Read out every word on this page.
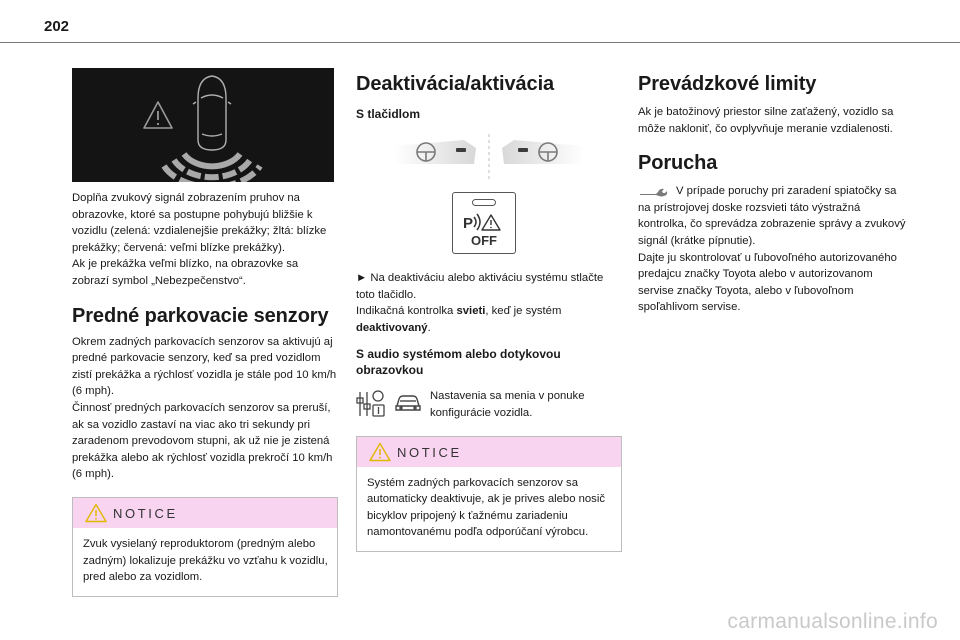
202
Doplňa zvukový signál zobrazením pruhov na obrazovke, ktoré sa postupne pohybujú bližšie k vozidlu (zelená: vzdialenejšie prekážky; žltá: blízke prekážky; červená: veľmi blízke prekážky).
Ak je prekážka veľmi blízko, na obrazovke sa zobrazí symbol „Nebezpečenstvo“.
Predné parkovacie senzory
Okrem zadných parkovacích senzorov sa aktivujú aj predné parkovacie senzory, keď sa pred vozidlom zistí prekážka a rýchlosť vozidla je stále pod 10 km/h (6 mph).
Činnosť predných parkovacích senzorov sa preruší, ak sa vozidlo zastaví na viac ako tri sekundy pri zaradenom prevodovom stupni, ak už nie je zistená prekážka alebo ak rýchlosť vozidla prekročí 10 km/h (6 mph).
NOTICE
Zvuk vysielaný reproduktorom (predným alebo zadným) lokalizuje prekážku vo vzťahu k vozidlu, pred alebo za vozidlom.
Deaktivácia/aktivácia
S tlačidlom
P
OFF
► Na deaktiváciu alebo aktiváciu systému stlačte toto tlačidlo.
Indikačná kontrolka svieti, keď je systém deaktivovaný.
S audio systémom alebo dotykovou obrazovkou
Nastavenia sa menia v ponuke konfigurácie vozidla.
NOTICE
Systém zadných parkovacích senzorov sa automaticky deaktivuje, ak je prives alebo nosič bicyklov pripojený k ťažnému zariadeniu namontovanému podľa odporúčaní výrobcu.
Prevádzkové limity
Ak je batožinový priestor silne zaťažený, vozidlo sa môže nakloniť, čo ovplyvňuje meranie vzdialenosti.
Porucha
V prípade poruchy pri zaradení spiatočky sa na prístrojovej doske rozsvieti táto výstražná kontrolka, čo sprevádza zobrazenie správy a zvukový signál (krátke pípnutie).
Dajte ju skontrolovať u ľubovoľného autorizovaného predajcu značky Toyota alebo v autorizovanom servise značky Toyota, alebo v ľubovoľnom spoľahlivom servise.
carmanualsonline.info
